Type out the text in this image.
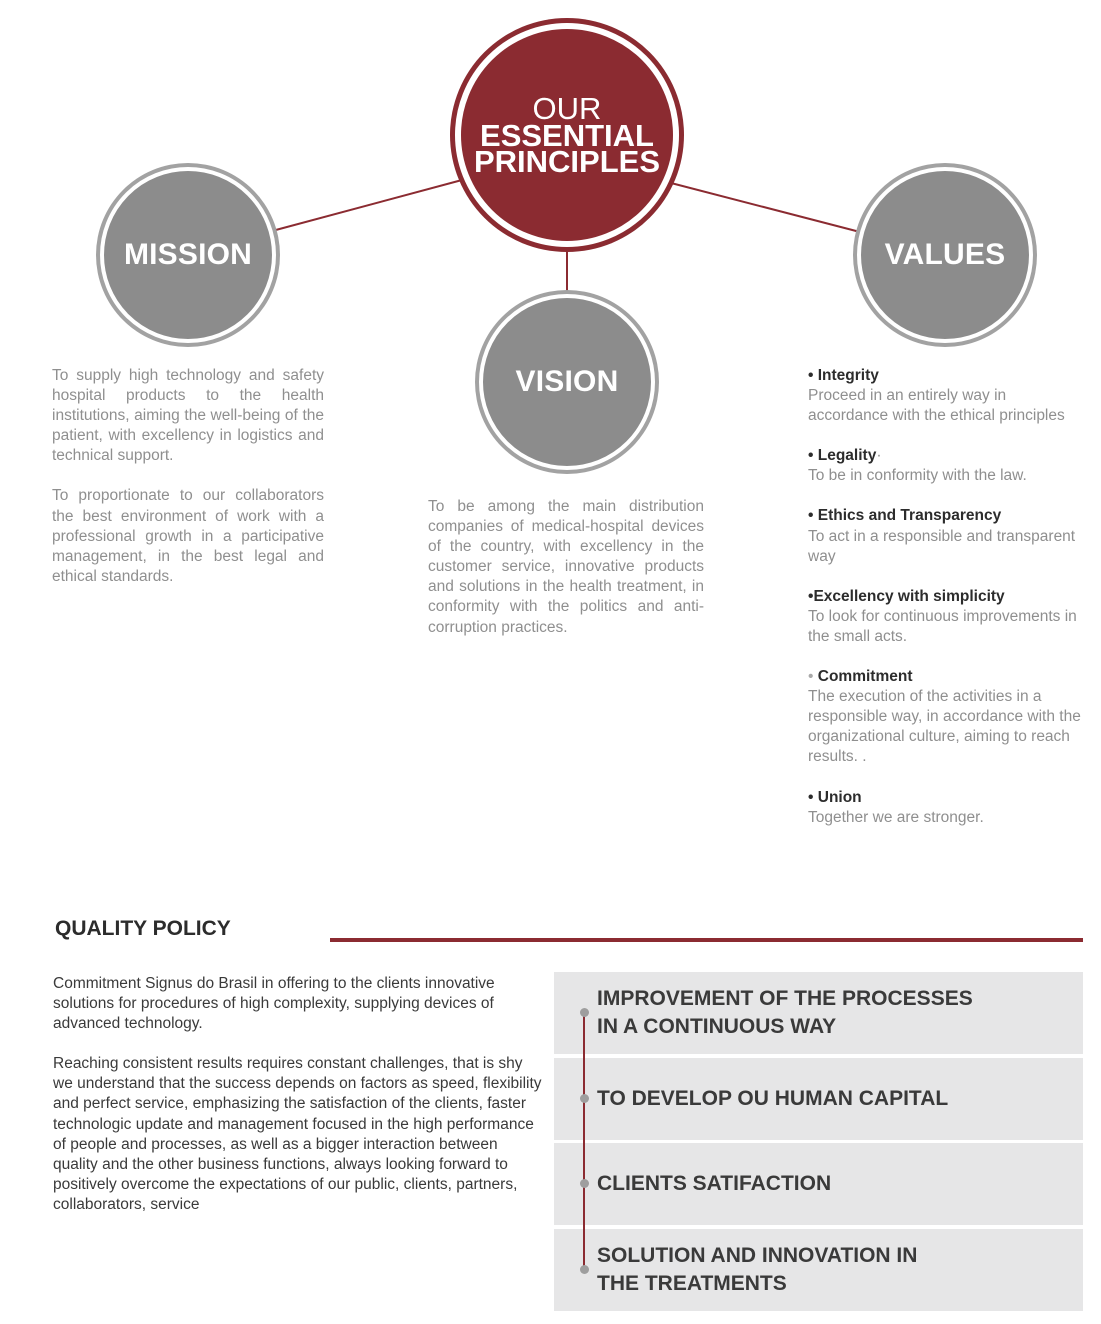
OUR
ESSENTIAL
PRINCIPLES
MISSION
VISION
VALUES

To supply high technology and safety hospital products to the health institutions, aiming the well-being of the patient, with excellency in logistics and technical support.

To proportionate to our collaborators the best environment of work with a professional growth in a participative management, in the best legal and ethical standards.

To be among the main distribution companies of medical-hospital devices of the country, with excellency in the customer service, innovative products and solutions in the health treatment, in conformity with the politics and anti-corruption practices.

• Integrity
Proceed in an entirely way in accordance with the ethical principles
• Legality·
To be in conformity with the law.
• Ethics and Transparency
To act in a responsible and transparent way
•Excellency with simplicity
To look for continuous improvements in the small acts.
• Commitment
The execution of the activities in a responsible way, in accordance with the organizational culture, aiming to reach results. .
• Union
Together we are stronger.
QUALITY POLICY

Commitment Signus do Brasil in offering to the clients innovative solutions for procedures of high complexity, supplying devices of advanced technology.

Reaching consistent results requires constant challenges, that is shy we understand that the success depends on factors as speed, flexibility and perfect service, emphasizing the satisfaction of the clients, faster technologic update and management focused in the high performance of people and processes, as well as a bigger interaction between quality and the other business functions, always looking forward to positively overcome the expectations of our public, clients, partners, collaborators, service

IMPROVEMENT OF THE PROCESSES
IN A CONTINUOUS WAY
TO DEVELOP OU HUMAN CAPITAL
CLIENTS SATIFACTION
SOLUTION AND INNOVATION IN
THE TREATMENTS
